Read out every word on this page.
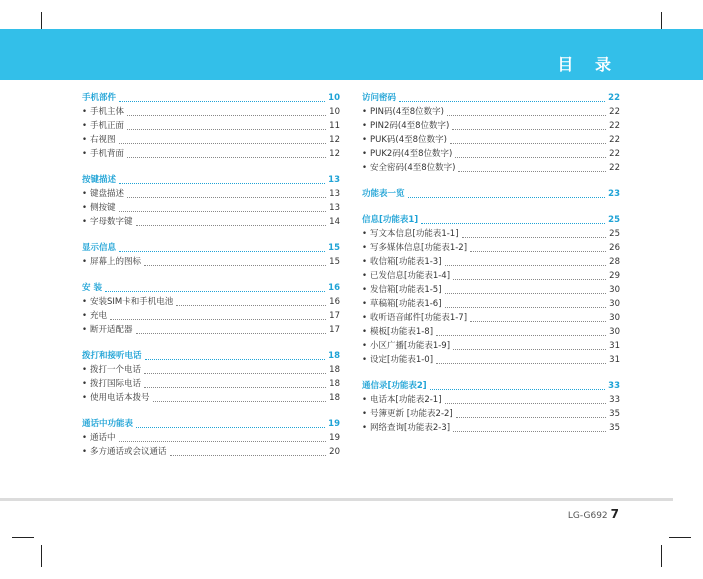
目 录
手机部件	10
• 手机主体	10
• 手机正面	11
• 右视图	12
• 手机背面	12
按键描述	13
• 键盘描述	13
• 侧按键	13
• 字母数字键	14
显示信息	15
• 屏幕上的图标	15
安 装	16
• 安装SIM卡和手机电池	16
• 充电	17
• 断开适配器	17
拨打和接听电话	18
• 拨打一个电话	18
• 拨打国际电话	18
• 使用电话本拨号	18
通话中功能表	19
• 通话中	19
• 多方通话或会议通话	20
访问密码	22
• PIN码(4至8位数字)	22
• PIN2码(4至8位数字)	22
• PUK码(4至8位数字)	22
• PUK2码(4至8位数字)	22
• 安全密码(4至8位数字)	22
功能表一览	23
信息[功能表1]	25
• 写文本信息[功能表1-1]	25
• 写多媒体信息[功能表1-2]	26
• 收信箱[功能表1-3]	28
• 已发信息[功能表1-4]	29
• 发信箱[功能表1-5]	30
• 草稿箱[功能表1-6]	30
• 收听语音邮件[功能表1-7]	30
• 模板[功能表1-8]	30
• 小区广播[功能表1-9]	31
• 设定[功能表1-0]	31
通信录[功能表2]	33
• 电话本[功能表2-1]	33
• 号簿更新 [功能表2-2]	35
• 网络查询[功能表2-3]	35
LG-G692 7
